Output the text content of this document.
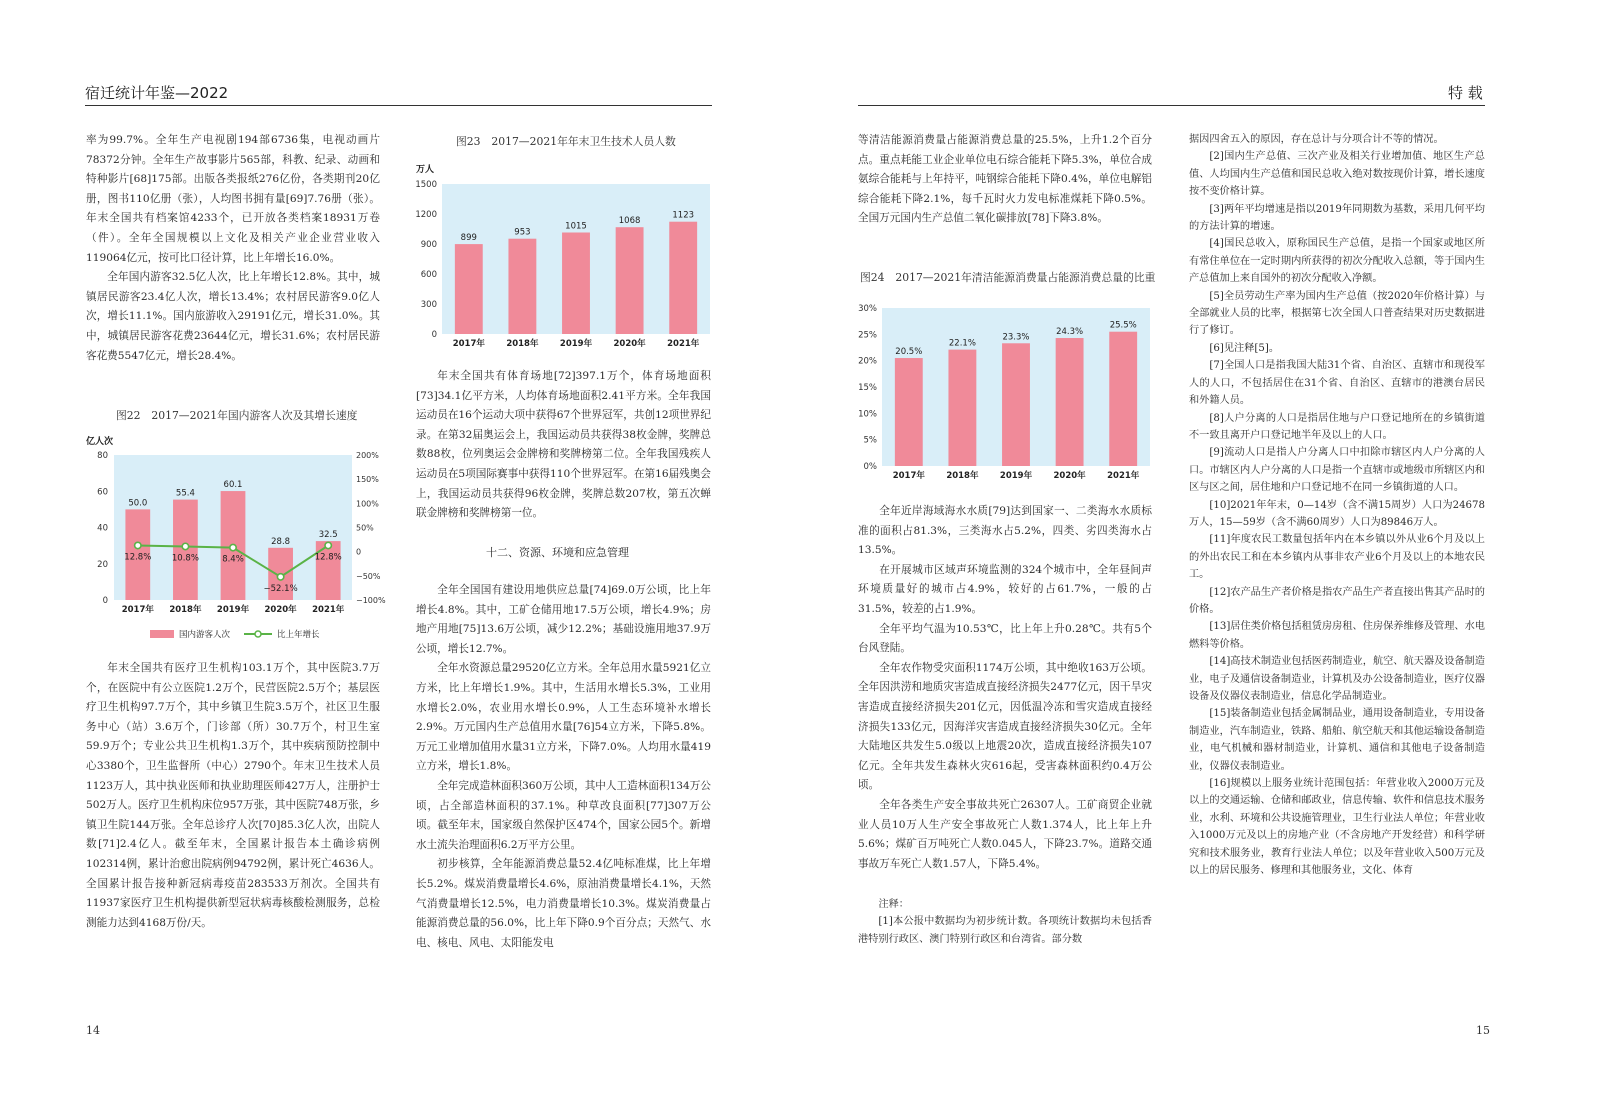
宿迁统计年鉴—2022

率为99.7%。全年生产电视剧194部6736集，电视动画片78372分钟。全年生产故事影片565部，科教、纪录、动画和特种影片[68]175部。出版各类报纸276亿份，各类期刊20亿册，图书110亿册（张），人均图书拥有量[69]7.76册（张）。年末全国共有档案馆4233个，已开放各类档案18931万卷（件）。全年全国规模以上文化及相关产业企业营业收入119064亿元，按可比口径计算，比上年增长16.0%。

全年国内游客32.5亿人次，比上年增长12.8%。其中，城镇居民游客23.4亿人次，增长13.4%；农村居民游客9.0亿人次，增长11.1%。国内旅游收入29191亿元，增长31.0%。其中，城镇居民游客花费23644亿元，增长31.6%；农村居民游客花费5547亿元，增长28.4%。

图22　2017—2021年国内游客人次及其增长速度
亿人次
0
20
40
60
80
−100%
−50%
0
50%
100%
150%
200%
50.0
2017年
55.4
2018年
60.1
2019年
28.8
2020年
32.5
2021年
12.8% 10.8%	8.4%
−52.1%
12.8%
国内游客人次	比上年增长

年末全国共有医疗卫生机构103.1万个，其中医院3.7万个，在医院中有公立医院1.2万个，民营医院2.5万个；基层医疗卫生机构97.7万个，其中乡镇卫生院3.5万个，社区卫生服务中心（站）3.6万个，门诊部（所）30.7万个，村卫生室59.9万个；专业公共卫生机构1.3万个，其中疾病预防控制中心3380个，卫生监督所（中心）2790个。年末卫生技术人员1123万人，其中执业医师和执业助理医师427万人，注册护士502万人。医疗卫生机构床位957万张，其中医院748万张，乡镇卫生院144万张。全年总诊疗人次[70]85.3亿人次，出院人数[71]2.4亿人。截至年末，全国累计报告本土确诊病例102314例，累计治愈出院病例94792例，累计死亡4636人。全国累计报告接种新冠病毒疫苗283533万剂次。全国共有11937家医疗卫生机构提供新型冠状病毒核酸检测服务，总检测能力达到4168万份/天。

图23　2017—2021年年末卫生技术人员人数
0
300
600
900
1200
1500
万人
899
2017年
953
2018年
1015
2019年
1068
2020年
1123
2021年

年末全国共有体育场地[72]397.1万个，体育场地面积[73]34.1亿平方米，人均体育场地面积2.41平方米。全年我国运动员在16个运动大项中获得67个世界冠军，共创12项世界纪录。在第32届奥运会上，我国运动员共获得38枚金牌，奖牌总数88枚，位列奥运会金牌榜和奖牌榜第二位。全年我国残疾人运动员在5项国际赛事中获得110个世界冠军。在第16届残奥会上，我国运动员共获得96枚金牌，奖牌总数207枚，第五次蝉联金牌榜和奖牌榜第一位。

十二、资源、环境和应急管理

全年全国国有建设用地供应总量[74]69.0万公顷，比上年增长4.8%。其中，工矿仓储用地17.5万公顷，增长4.9%；房地产用地[75]13.6万公顷，减少12.2%；基础设施用地37.9万公顷，增长12.7%。

全年水资源总量29520亿立方米。全年总用水量5921亿立方米，比上年增长1.9%。其中，生活用水增长5.3%，工业用水增长2.0%，农业用水增长0.9%，人工生态环境补水增长2.9%。万元国内生产总值用水量[76]54立方米，下降5.8%。万元工业增加值用水量31立方米，下降7.0%。人均用水量419立方米，增长1.8%。

全年完成造林面积360万公顷，其中人工造林面积134万公顷，占全部造林面积的37.1%。种草改良面积[77]307万公顷。截至年末，国家级自然保护区474个，国家公园5个。新增水土流失治理面积6.2万平方公里。

初步核算，全年能源消费总量52.4亿吨标准煤，比上年增长5.2%。煤炭消费量增长4.6%，原油消费量增长4.1%，天然气消费量增长12.5%，电力消费量增长10.3%。煤炭消费量占能源消费总量的56.0%，比上年下降0.9个百分点；天然气、水电、核电、风电、太阳能发电

14
特 载

等清洁能源消费量占能源消费总量的25.5%，上升1.2个百分点。重点耗能工业企业单位电石综合能耗下降5.3%，单位合成氨综合能耗与上年持平，吨钢综合能耗下降0.4%，单位电解铝综合能耗下降2.1%，每千瓦时火力发电标准煤耗下降0.5%。全国万元国内生产总值二氧化碳排放[78]下降3.8%。

图24　2017—2021年清洁能源消费量占能源消费总量的比重
0%
5%
10%
15%
20%
25%
30%
20.5%
2017年
22.1%
2018年
23.3%
2019年
24.3%
2020年
25.5%
2021年

全年近岸海域海水水质[79]达到国家一、二类海水水质标准的面积占81.3%，三类海水占5.2%，四类、劣四类海水占13.5%。

在开展城市区域声环境监测的324个城市中，全年昼间声环境质量好的城市占4.9%，较好的占61.7%，一般的占31.5%，较差的占1.9%。

全年平均气温为10.53℃，比上年上升0.28℃。共有5个台风登陆。

全年农作物受灾面积1174万公顷，其中绝收163万公顷。全年因洪涝和地质灾害造成直接经济损失2477亿元，因干旱灾害造成直接经济损失201亿元，因低温冷冻和雪灾造成直接经济损失133亿元，因海洋灾害造成直接经济损失30亿元。全年大陆地区共发生5.0级以上地震20次，造成直接经济损失107亿元。全年共发生森林火灾616起，受害森林面积约0.4万公顷。

全年各类生产安全事故共死亡26307人。工矿商贸企业就业人员10万人生产安全事故死亡人数1.374人，比上年上升5.6%；煤矿百万吨死亡人数0.045人，下降23.7%。道路交通事故万车死亡人数1.57人，下降5.4%。

注释：

[1]本公报中数据均为初步统计数。各项统计数据均未包括香港特别行政区、澳门特别行政区和台湾省。部分数

据因四舍五入的原因，存在总计与分项合计不等的情况。

[2]国内生产总值、三次产业及相关行业增加值、地区生产总值、人均国内生产总值和国民总收入绝对数按现价计算，增长速度按不变价格计算。

[3]两年平均增速是指以2019年同期数为基数，采用几何平均的方法计算的增速。

[4]国民总收入，原称国民生产总值，是指一个国家或地区所有常住单位在一定时期内所获得的初次分配收入总额，等于国内生产总值加上来自国外的初次分配收入净额。

[5]全员劳动生产率为国内生产总值（按2020年价格计算）与全部就业人员的比率，根据第七次全国人口普查结果对历史数据进行了修订。

[6]见注释[5]。

[7]全国人口是指我国大陆31个省、自治区、直辖市和现役军人的人口，不包括居住在31个省、自治区、直辖市的港澳台居民和外籍人员。

[8]人户分离的人口是指居住地与户口登记地所在的乡镇街道不一致且离开户口登记地半年及以上的人口。

[9]流动人口是指人户分离人口中扣除市辖区内人户分离的人口。市辖区内人户分离的人口是指一个直辖市或地级市所辖区内和区与区之间，居住地和户口登记地不在同一乡镇街道的人口。

[10]2021年年末，0—14岁（含不满15周岁）人口为24678万人，15—59岁（含不满60周岁）人口为89846万人。

[11]年度农民工数量包括年内在本乡镇以外从业6个月及以上的外出农民工和在本乡镇内从事非农产业6个月及以上的本地农民工。

[12]农产品生产者价格是指农产品生产者直接出售其产品时的价格。

[13]居住类价格包括租赁房房租、住房保养维修及管理、水电燃料等价格。

[14]高技术制造业包括医药制造业，航空、航天器及设备制造业，电子及通信设备制造业，计算机及办公设备制造业，医疗仪器设备及仪器仪表制造业，信息化学品制造业。

[15]装备制造业包括金属制品业，通用设备制造业，专用设备制造业，汽车制造业，铁路、船舶、航空航天和其他运输设备制造业，电气机械和器材制造业，计算机、通信和其他电子设备制造业，仪器仪表制造业。

[16]规模以上服务业统计范围包括：年营业收入2000万元及以上的交通运输、仓储和邮政业，信息传输、软件和信息技术服务业，水利、环境和公共设施管理业，卫生行业法人单位；年营业收入1000万元及以上的房地产业（不含房地产开发经营）和科学研究和技术服务业，教育行业法人单位；以及年营业收入500万元及以上的居民服务、修理和其他服务业，文化、体育

15
